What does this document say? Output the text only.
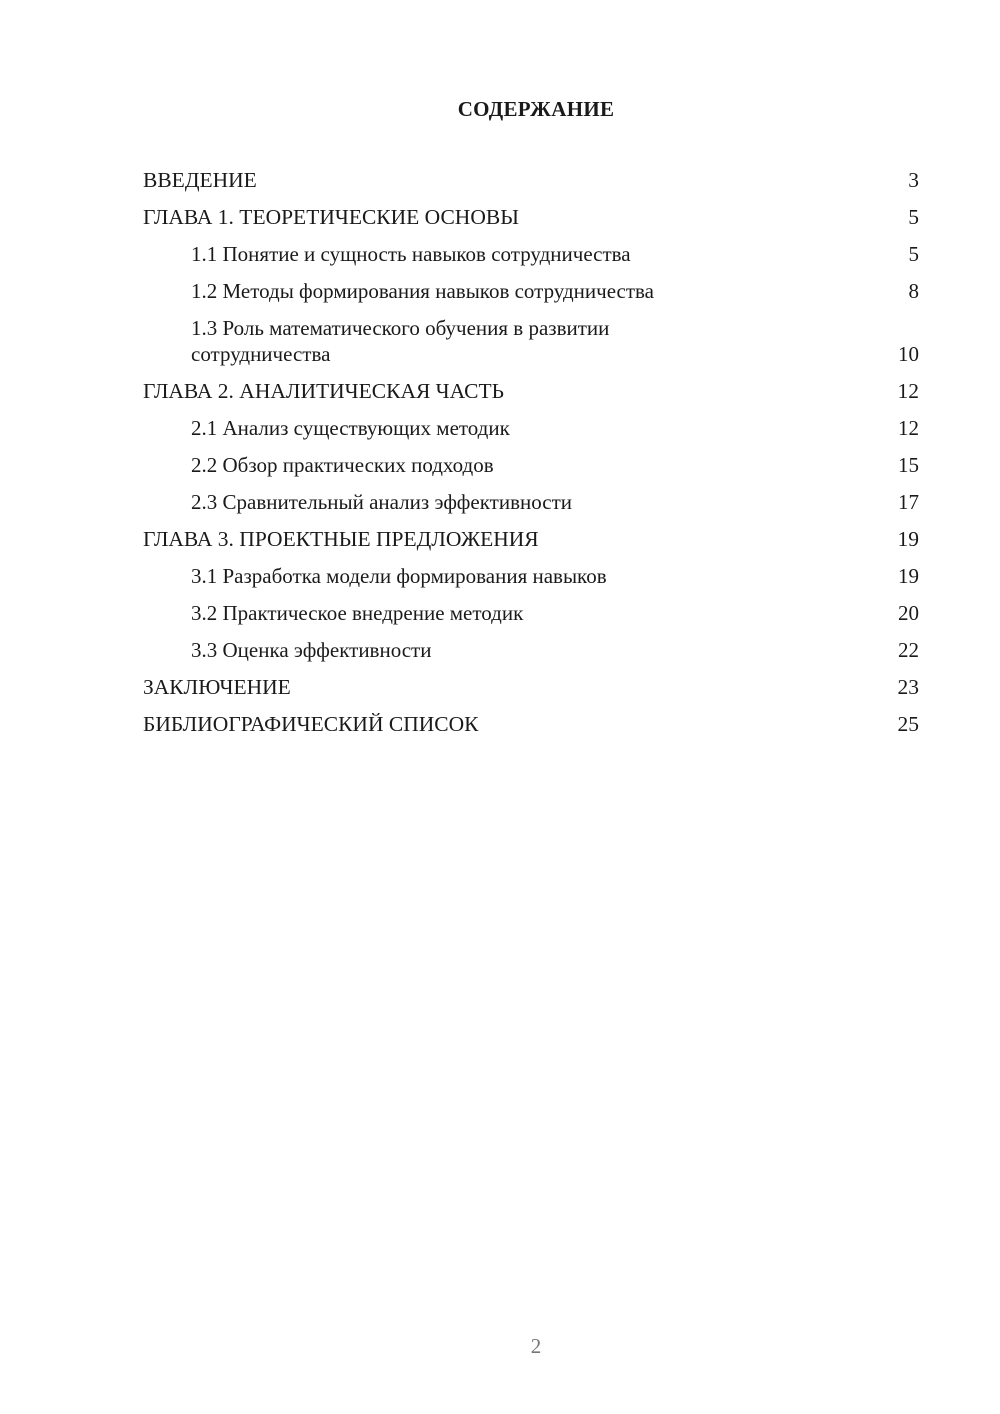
СОДЕРЖАНИЕ
ВВЕДЕНИЕ	3
ГЛАВА 1. ТЕОРЕТИЧЕСКИЕ ОСНОВЫ	5
1.1 Понятие и сущность навыков сотрудничества	5
1.2 Методы формирования навыков сотрудничества	8
1.3 Роль математического обучения в развитии сотрудничества	10
ГЛАВА 2. АНАЛИТИЧЕСКАЯ ЧАСТЬ	12
2.1 Анализ существующих методик	12
2.2 Обзор практических подходов	15
2.3 Сравнительный анализ эффективности	17
ГЛАВА 3. ПРОЕКТНЫЕ ПРЕДЛОЖЕНИЯ	19
3.1 Разработка модели формирования навыков	19
3.2 Практическое внедрение методик	20
3.3 Оценка эффективности	22
ЗАКЛЮЧЕНИЕ	23
БИБЛИОГРАФИЧЕСКИЙ СПИСОК	25
2
